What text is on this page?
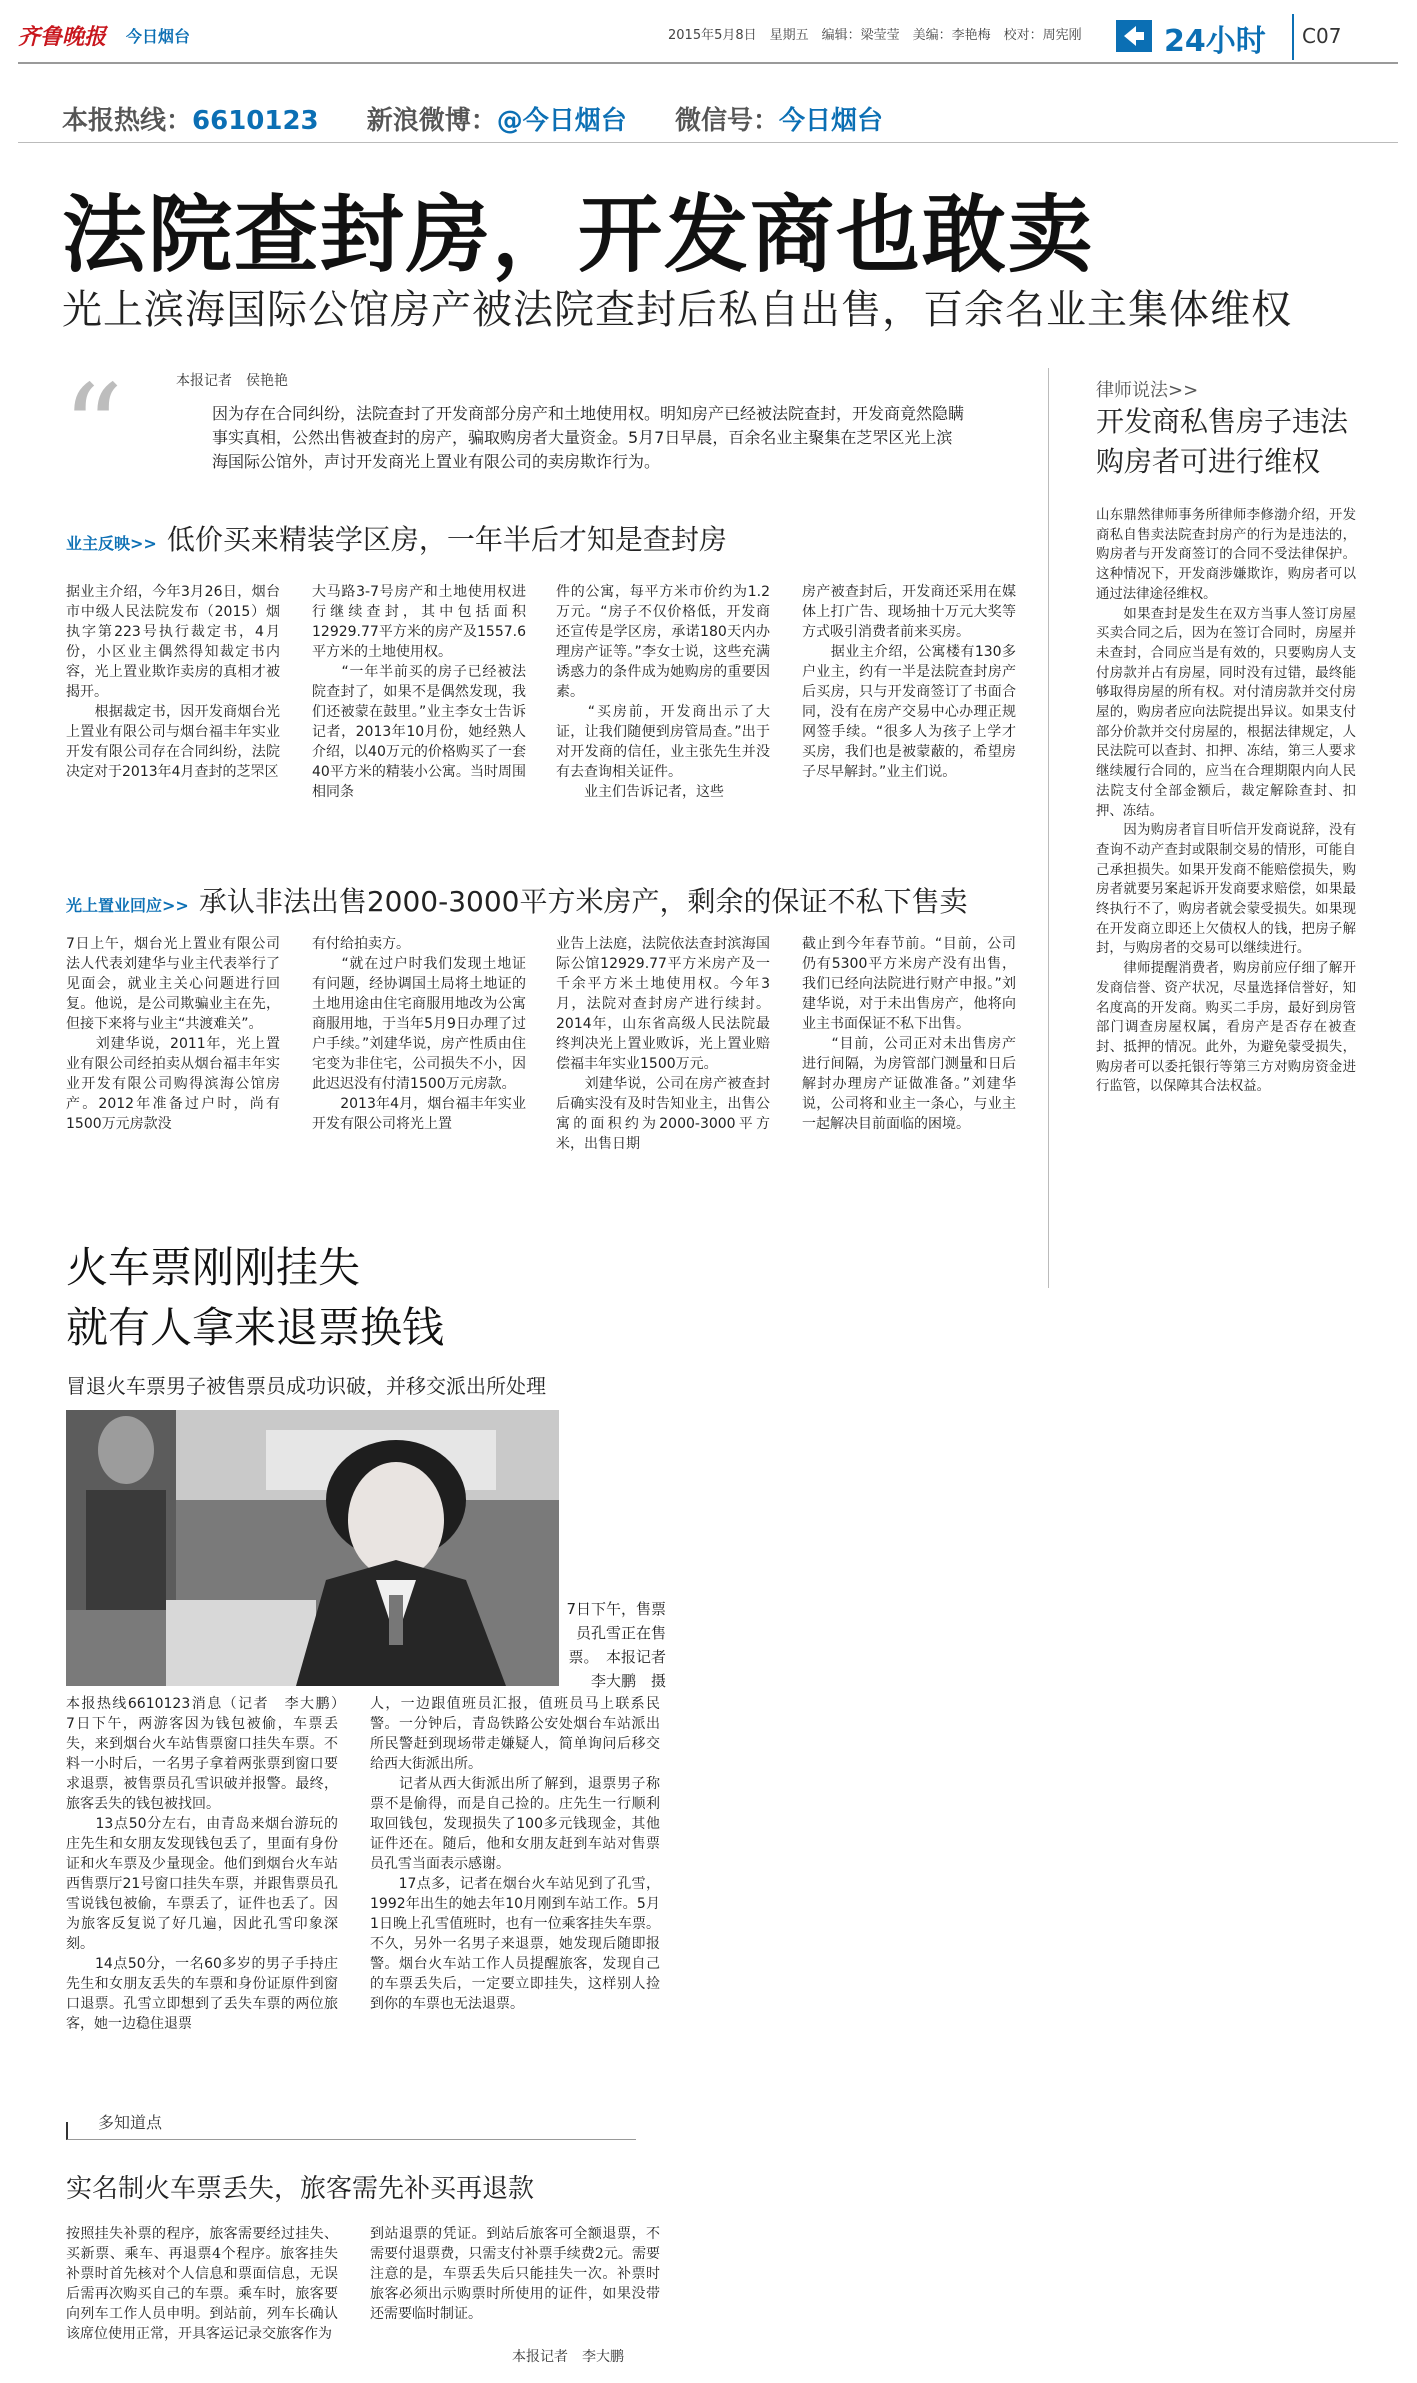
齐鲁晚报 今日烟台	2015年5月8日　星期五　编辑：梁莹莹　美编：李艳梅　校对：周宪刚	24小时 C07
本报热线：6610123 新浪微博：@今日烟台 微信号：今日烟台
法院查封房，开发商也敢卖
光上滨海国际公馆房产被法院查封后私自出售，百余名业主集体维权
本报记者　侯艳艳
“	因为存在合同纠纷，法院查封了开发商部分房产和土地使用权。明知房产已经被法院查封，开发商竟然隐瞒事实真相，公然出售被查封的房产，骗取购房者大量资金。5月7日早晨，百余名业主聚集在芝罘区光上滨海国际公馆外，声讨开发商光上置业有限公司的卖房欺诈行为。

业主反映>> 低价买来精装学区房，一年半后才知是查封房
据业主介绍，今年3月26日，烟台市中级人民法院发布（2015）烟执字第223号执行裁定书，4月份，小区业主偶然得知裁定书内容，光上置业欺诈卖房的真相才被揭开。
　　根据裁定书，因开发商烟台光上置业有限公司与烟台福丰年实业开发有限公司存在合同纠纷，法院决定对于2013年4月查封的芝罘区
大马路3-7号房产和土地使用权进行继续查封，其中包括面积12929.77平方米的房产及1557.6平方米的土地使用权。
　　“一年半前买的房子已经被法院查封了，如果不是偶然发现，我们还被蒙在鼓里。”业主李女士告诉记者，2013年10月份，她经熟人介绍，以40万元的价格购买了一套40平方米的精装小公寓。当时周围相同条
件的公寓，每平方米市价约为1.2万元。“房子不仅价格低，开发商还宣传是学区房，承诺180天内办理房产证等。”李女士说，这些充满诱惑力的条件成为她购房的重要因素。
　　“买房前，开发商出示了大证，让我们随便到房管局查。”出于对开发商的信任，业主张先生并没有去查询相关证件。
　　业主们告诉记者，这些
房产被查封后，开发商还采用在媒体上打广告、现场抽十万元大奖等方式吸引消费者前来买房。
　　据业主介绍，公寓楼有130多户业主，约有一半是法院查封房产后买房，只与开发商签订了书面合同，没有在房产交易中心办理正规网签手续。“很多人为孩子上学才买房，我们也是被蒙蔽的，希望房子尽早解封。”业主们说。
光上置业回应>> 承认非法出售2000-3000平方米房产，剩余的保证不私下售卖
7日上午，烟台光上置业有限公司法人代表刘建华与业主代表举行了见面会，就业主关心问题进行回复。他说，是公司欺骗业主在先，但接下来将与业主“共渡难关”。
　　刘建华说，2011年，光上置业有限公司经拍卖从烟台福丰年实业开发有限公司购得滨海公馆房产。2012年准备过户时，尚有1500万元房款没
有付给拍卖方。
　　“就在过户时我们发现土地证有问题，经协调国土局将土地证的土地用途由住宅商服用地改为公寓商服用地，于当年5月9日办理了过户手续。”刘建华说，房产性质由住宅变为非住宅，公司损失不小，因此迟迟没有付清1500万元房款。
　　2013年4月，烟台福丰年实业开发有限公司将光上置
业告上法庭，法院依法查封滨海国际公馆12929.77平方米房产及一千余平方米土地使用权。今年3月，法院对查封房产进行续封。2014年，山东省高级人民法院最终判决光上置业败诉，光上置业赔偿福丰年实业1500万元。
　　刘建华说，公司在房产被查封后确实没有及时告知业主，出售公寓的面积约为2000-3000平方米，出售日期
截止到今年春节前。“目前，公司仍有5300平方米房产没有出售，我们已经向法院进行财产申报。”刘建华说，对于未出售房产，他将向业主书面保证不私下出售。
　　“目前，公司正对未出售房产进行间隔，为房管部门测量和日后解封办理房产证做准备。”刘建华说，公司将和业主一条心，与业主一起解决目前面临的困境。
律师说法>>
开发商私售房子违法购房者可进行维权
山东鼎然律师事务所律师李修渤介绍，开发商私自售卖法院查封房产的行为是违法的，购房者与开发商签订的合同不受法律保护。这种情况下，开发商涉嫌欺诈，购房者可以通过法律途径维权。
　　如果查封是发生在双方当事人签订房屋买卖合同之后，因为在签订合同时，房屋并未查封，合同应当是有效的，只要购房人支付房款并占有房屋，同时没有过错，最终能够取得房屋的所有权。对付清房款并交付房屋的，购房者应向法院提出异议。如果支付部分价款并交付房屋的，根据法律规定，人民法院可以查封、扣押、冻结，第三人要求继续履行合同的，应当在合理期限内向人民法院支付全部金额后，裁定解除查封、扣押、冻结。
　　因为购房者盲目听信开发商说辞，没有查询不动产查封或限制交易的情形，可能自己承担损失。如果开发商不能赔偿损失，购房者就要另案起诉开发商要求赔偿，如果最终执行不了，购房者就会蒙受损失。如果现在开发商立即还上欠债权人的钱，把房子解封，与购房者的交易可以继续进行。
　　律师提醒消费者，购房前应仔细了解开发商信誉、资产状况，尽量选择信誉好，知名度高的开发商。购买二手房，最好到房管部门调查房屋权属，看房产是否存在被查封、抵押的情况。此外，为避免蒙受损失，购房者可以委托银行等第三方对购房资金进行监管，以保障其合法权益。
火车票刚刚挂失
就有人拿来退票换钱
冒退火车票男子被售票员成功识破，并移交派出所处理
7日下午，售票员孔雪正在售票。　本报记者　李大鹏　摄
本报热线6610123消息（记者　李大鹏）　7日下午，两游客因为钱包被偷，车票丢失，来到烟台火车站售票窗口挂失车票。不料一小时后，一名男子拿着两张票到窗口要求退票，被售票员孔雪识破并报警。最终，旅客丢失的钱包被找回。
　　13点50分左右，由青岛来烟台游玩的庄先生和女朋友发现钱包丢了，里面有身份证和火车票及少量现金。他们到烟台火车站西售票厅21号窗口挂失车票，并跟售票员孔雪说钱包被偷，车票丢了，证件也丢了。因为旅客反复说了好几遍，因此孔雪印象深刻。
　　14点50分，一名60多岁的男子手持庄先生和女朋友丢失的车票和身份证原件到窗口退票。孔雪立即想到了丢失车票的两位旅客，她一边稳住退票
人，一边跟值班员汇报，值班员马上联系民警。一分钟后，青岛铁路公安处烟台车站派出所民警赶到现场带走嫌疑人，简单询问后移交给西大街派出所。
　　记者从西大街派出所了解到，退票男子称票不是偷得，而是自己捡的。庄先生一行顺利取回钱包，发现损失了100多元钱现金，其他证件还在。随后，他和女朋友赶到车站对售票员孔雪当面表示感谢。
　　17点多，记者在烟台火车站见到了孔雪，1992年出生的她去年10月刚到车站工作。5月1日晚上孔雪值班时，也有一位乘客挂失车票。不久，另外一名男子来退票，她发现后随即报警。烟台火车站工作人员提醒旅客，发现自己的车票丢失后，一定要立即挂失，这样别人捡到你的车票也无法退票。
多知道点
实名制火车票丢失，旅客需先补买再退款
按照挂失补票的程序，旅客需要经过挂失、买新票、乘车、再退票4个程序。旅客挂失补票时首先核对个人信息和票面信息，无误后需再次购买自己的车票。乘车时，旅客要向列车工作人员申明。到站前，列车长确认该席位使用正常，开具客运记录交旅客作为
到站退票的凭证。到站后旅客可全额退票，不需要付退票费，只需支付补票手续费2元。需要注意的是，车票丢失后只能挂失一次。补票时旅客必须出示购票时所使用的证件，如果没带还需要临时制证。
本报记者　李大鹏
